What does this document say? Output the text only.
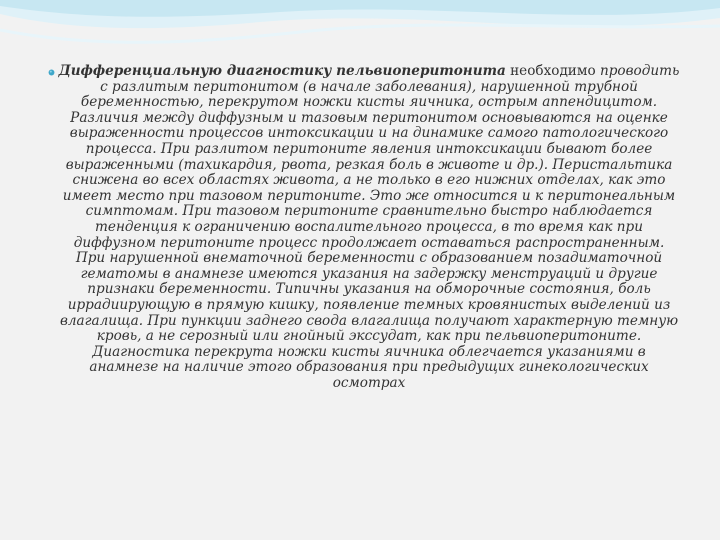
Дифференциальную диагностику пельвиоперитонита необходимо проводить с разлитым перитонитом (в начале заболевания), нарушенной трубной беременностью, перекрутом ножки кисты яичника, острым аппендицитом. Различия между диффузным и тазовым перитонитом основываются на оценке выраженности процессов интоксикации и на динамике самого патологического процесса. При разлитом перитоните явления интоксикации бывают более выраженными (тахикардия, рвота, резкая боль в животе и др.). Перистальтика снижена во всех областях живота, а не только в его нижних отделах, как это имеет место при тазовом перитоните. Это же относится и к перитонеальным симптомам. При тазовом перитоните сравнительно быстро наблюдается тенденция к ограничению воспалительного процесса, в то время как при диффузном перитоните процесс продолжает оставаться распространенным. При нарушенной внематочной беременности с образованием позадиматочной гематомы в анамнезе имеются указания на задержку менструаций и другие признаки беременности. Типичны указания на обморочные состояния, боль иррадиирующую в прямую кишку, появление темных кровянистых выделений из влагалища. При пункции заднего свода влагалища получают характерную темную кровь, а не серозный или гнойный экссудат, как при пельвиоперитоните. Диагностика перекрута ножки кисты яичника облегчается указаниями в анамнезе на наличие этого образования при предыдущих гинекологических осмотрах
